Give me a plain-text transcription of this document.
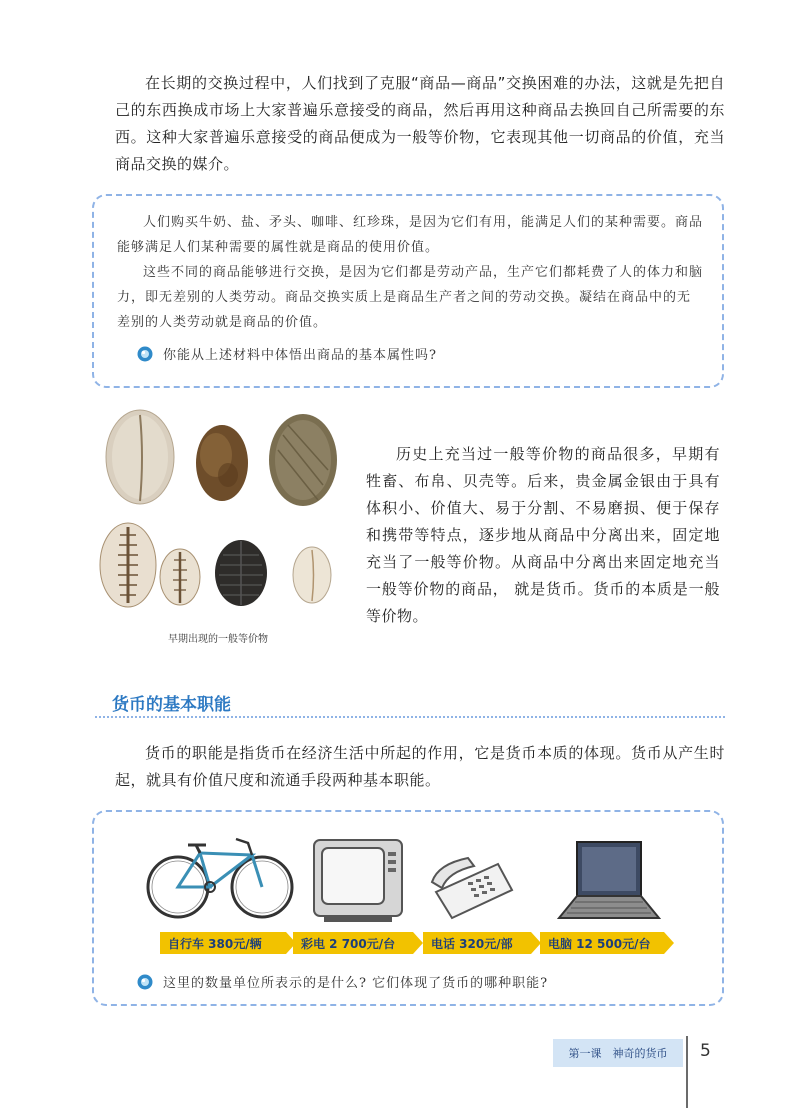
在长期的交换过程中，人们找到了克服“商品—商品”交换困难的办法，这就是先把自己的东西换成市场上大家普遍乐意接受的商品，然后再用这种商品去换回自己所需要的东西。这种大家普遍乐意接受的商品便成为一般等价物，它表现其他一切商品的价值，充当商品交换的媒介。

人们购买牛奶、盐、矛头、咖啡、红珍珠，是因为它们有用，能满足人们的某种需要。商品能够满足人们某种需要的属性就是商品的使用价值。

这些不同的商品能够进行交换，是因为它们都是劳动产品，生产它们都耗费了人的体力和脑力，即无差别的人类劳动。商品交换实质上是商品生产者之间的劳动交换。凝结在商品中的无差别的人类劳动就是商品的价值。

你能从上述材料中体悟出商品的基本属性吗?
早期出现的一般等价物

历史上充当过一般等价物的商品很多，早期有牲畜、布帛、贝壳等。后来，贵金属金银由于具有体积小、价值大、易于分割、不易磨损、便于保存和携带等特点，逐步地从商品中分离出来，固定地充当了一般等价物。从商品中分离出来固定地充当一般等价物的商品， 就是货币。货币的本质是一般等价物。

货币的基本职能

货币的职能是指货币在经济生活中所起的作用，它是货币本质的体现。货币从产生时起，就具有价值尺度和流通手段两种基本职能。

自行车 380元/辆	彩电 2 700元/台	电话 320元/部	电脑 12 500元/台
这里的数量单位所表示的是什么? 它们体现了货币的哪种职能?
第一课　神奇的货币	5
